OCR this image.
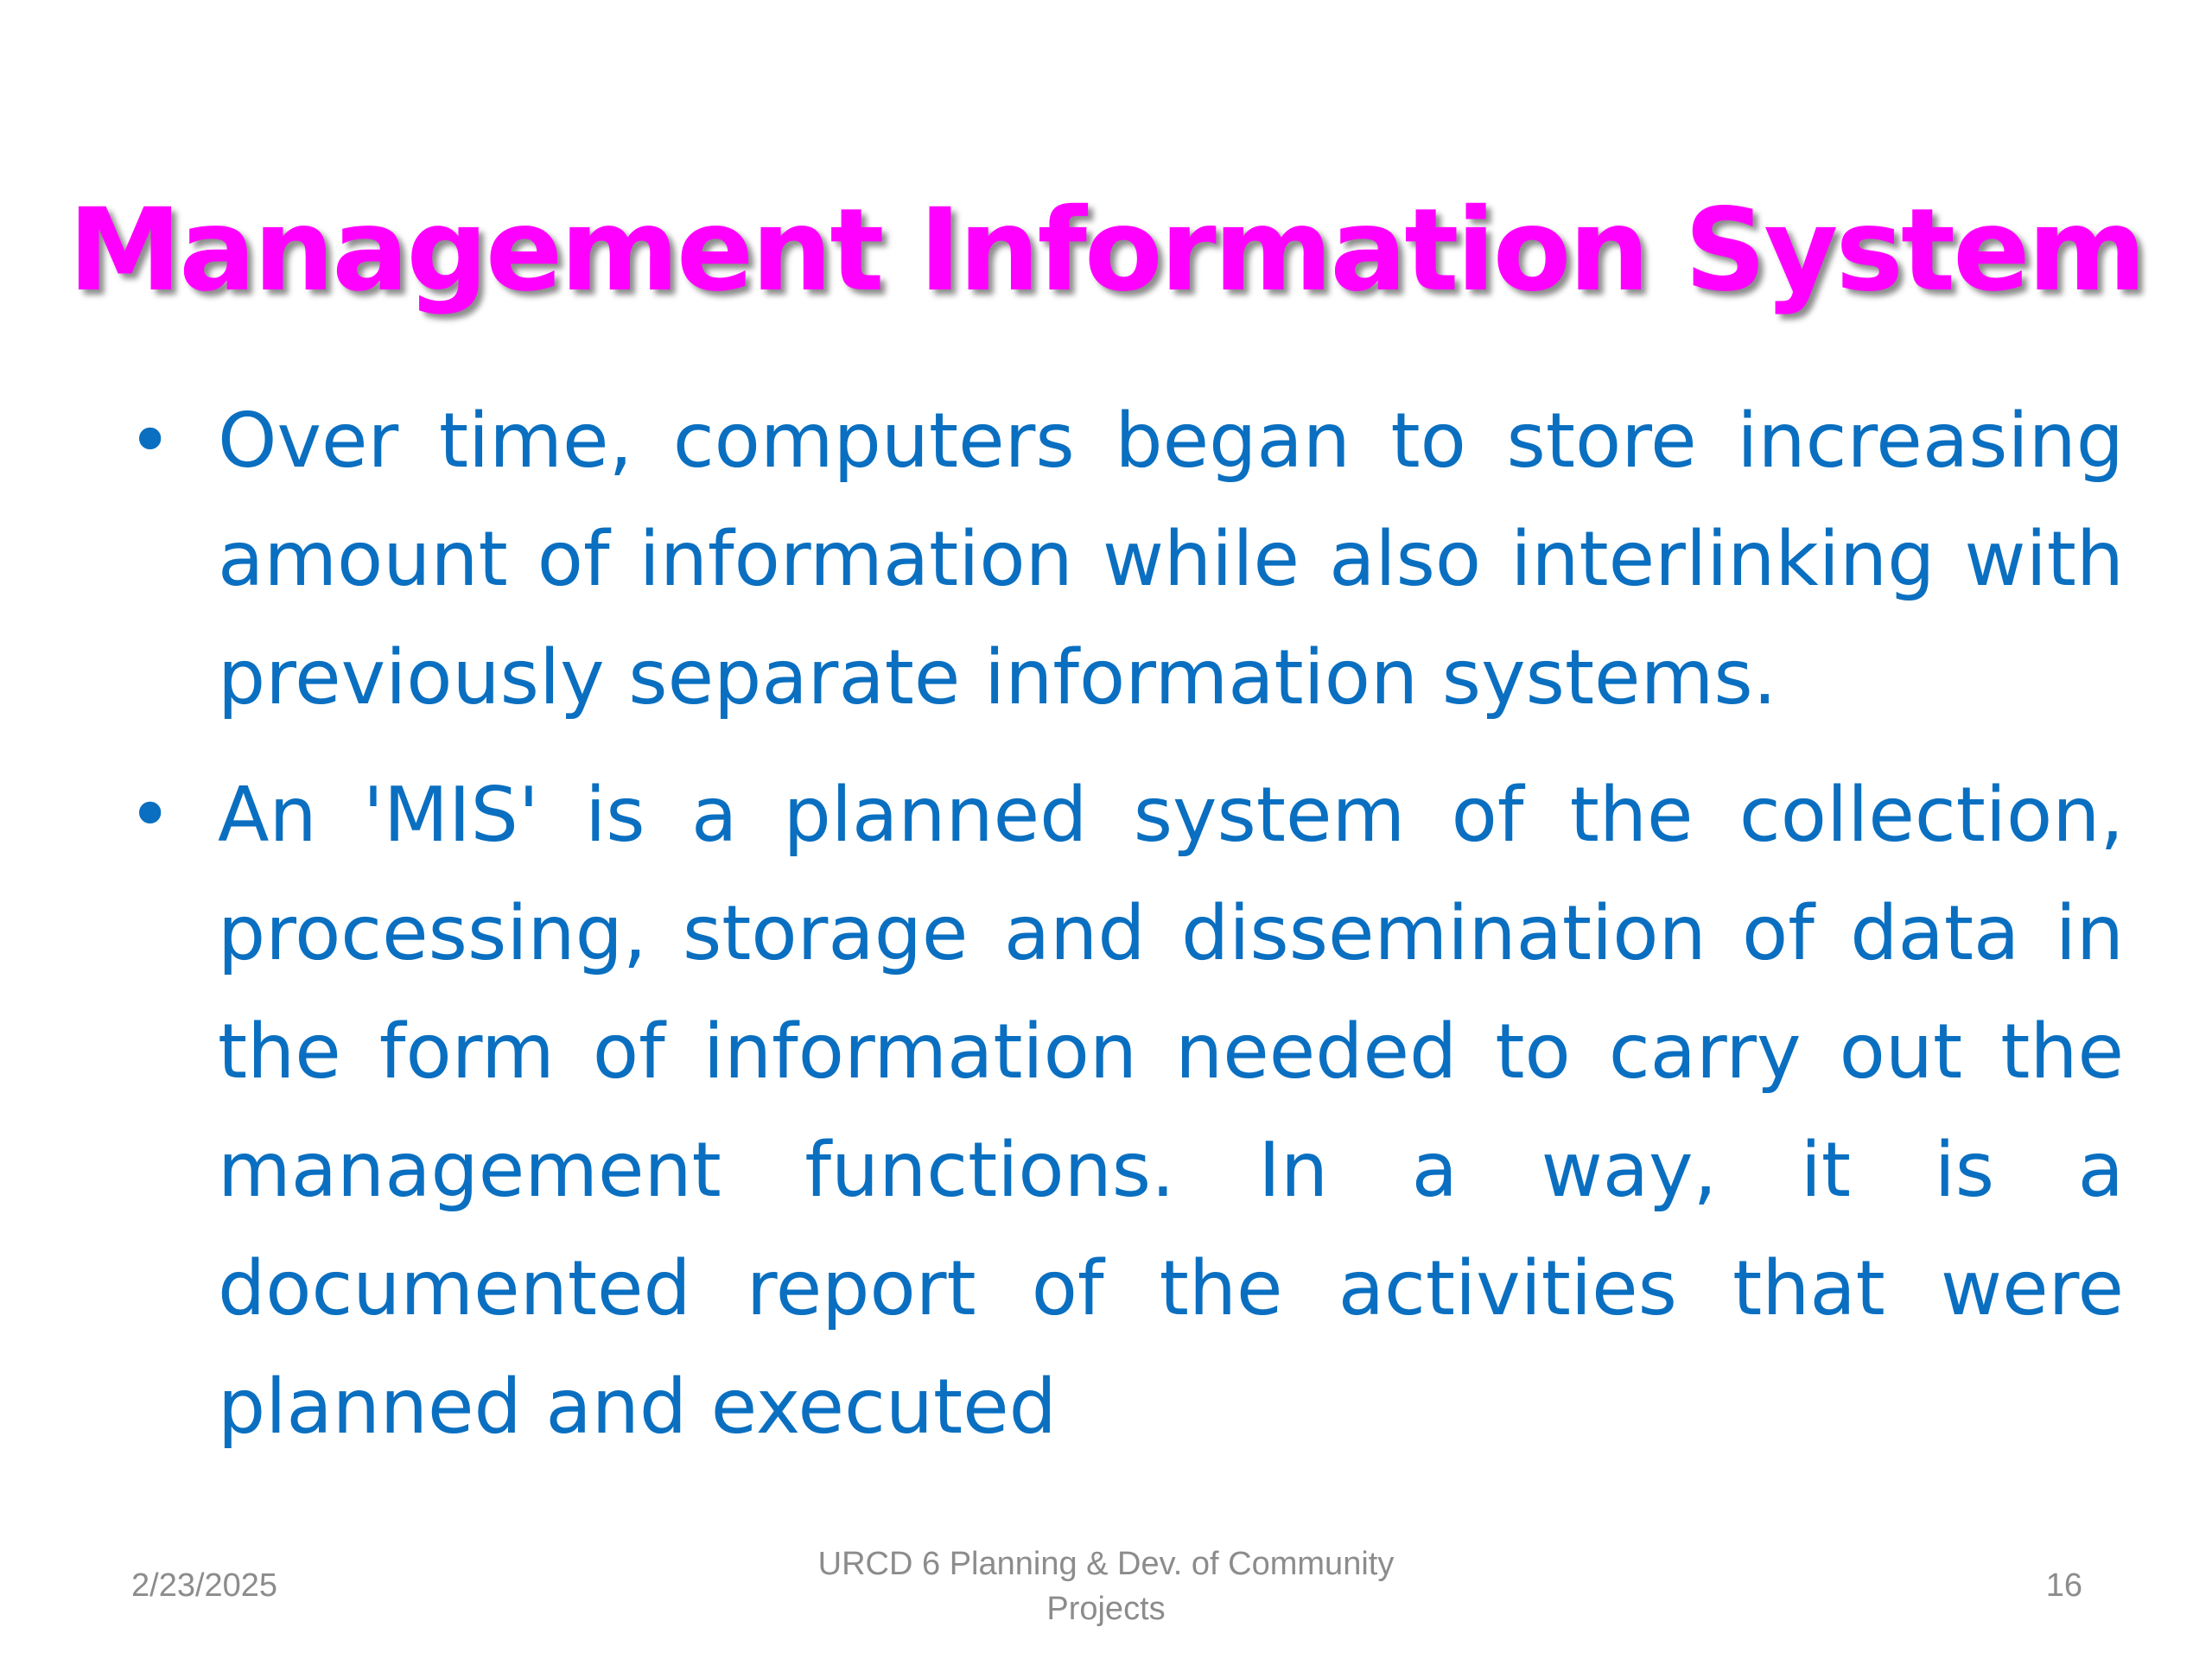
Management Information System
• Over time, computers began to store increasing amount of information while also interlinking with previously separate information systems.
• An 'MIS' is a planned system of the collection, processing, storage and dissemination of data in the form of information needed to carry out the management functions. In a way, it is a documented report of the activities that were planned and executed
2/23/2025
URCD 6 Planning & Dev. of Community
Projects
16
